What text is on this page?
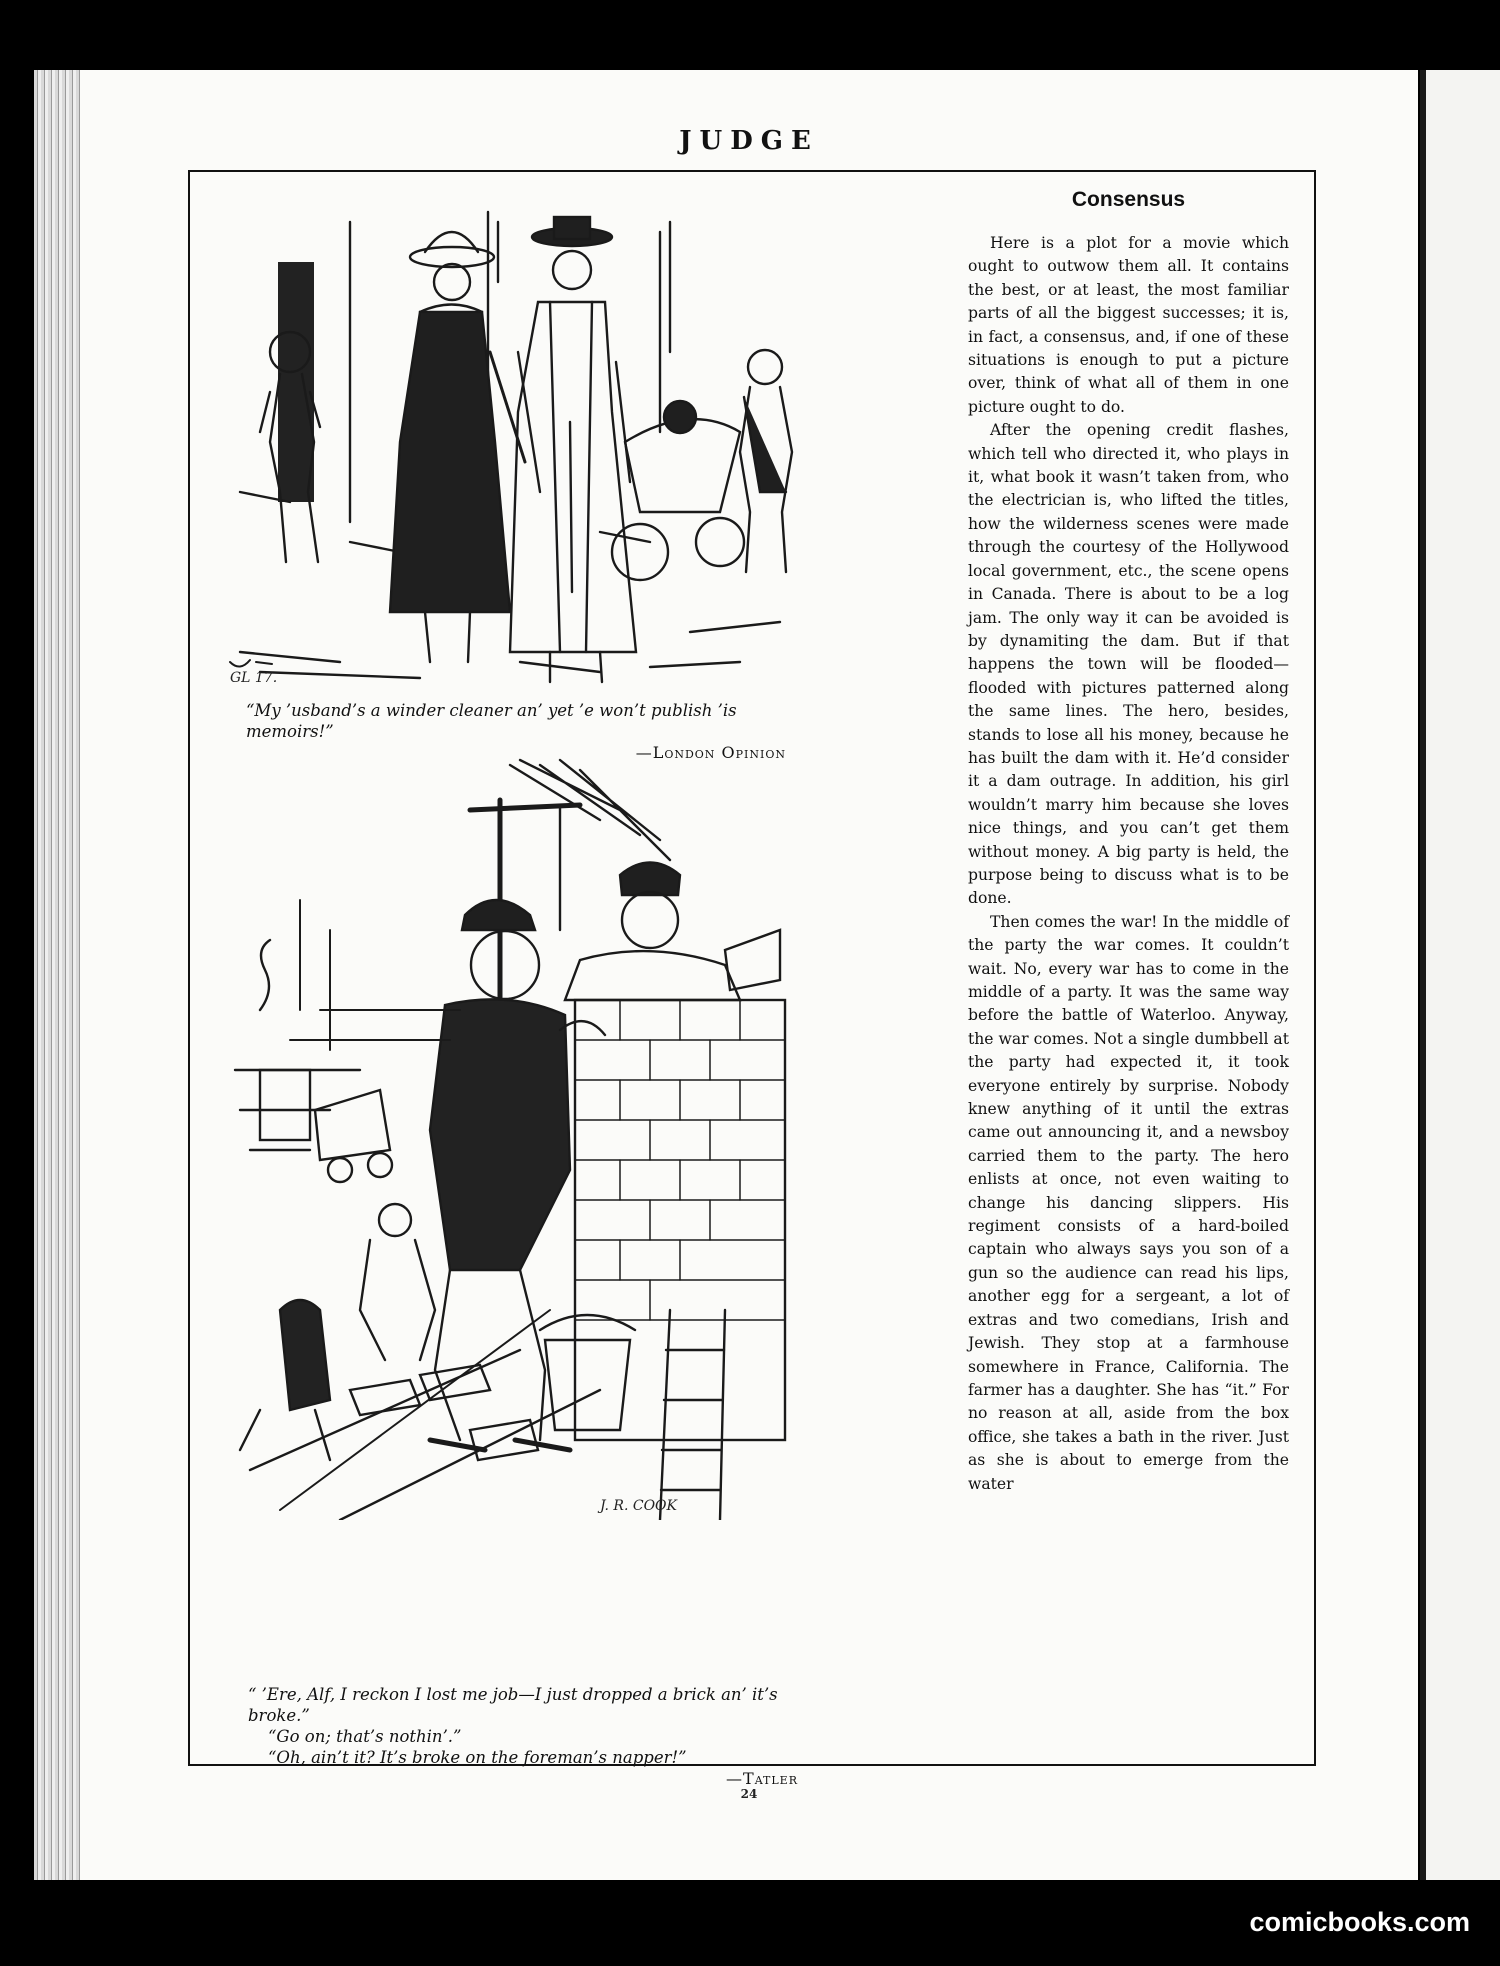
JUDGE
GL 17.

“My ’usband’s a winder cleaner an’ yet ’e won’t publish ’is memoirs!”

—London Opinion

J. R. COOK

“ ’Ere, Alf, I reckon I lost me job—I just dropped a brick an’ it’s broke.”

“Go on; that’s nothin’.”

“Oh, ain’t it? It’s broke on the foreman’s napper!”

—Tatler

Consensus

Here is a plot for a movie which ought to outwow them all. It contains the best, or at least, the most familiar parts of all the biggest successes; it is, in fact, a consensus, and, if one of these situations is enough to put a picture over, think of what all of them in one picture ought to do.

After the opening credit flashes, which tell who directed it, who plays in it, what book it wasn’t taken from, who the electrician is, who lifted the titles, how the wilderness scenes were made through the courtesy of the Hollywood local government, etc., the scene opens in Canada. There is about to be a log jam. The only way it can be avoided is by dynamiting the dam. But if that happens the town will be flooded—flooded with pictures patterned along the same lines. The hero, besides, stands to lose all his money, because he has built the dam with it. He’d consider it a dam outrage. In addition, his girl wouldn’t marry him because she loves nice things, and you can’t get them without money. A big party is held, the purpose being to discuss what is to be done.

Then comes the war! In the middle of the party the war comes. It couldn’t wait. No, every war has to come in the middle of a party. It was the same way before the battle of Waterloo. Anyway, the war comes. Not a single dumbbell at the party had expected it, it took everyone entirely by surprise. Nobody knew anything of it until the extras came out announcing it, and a newsboy carried them to the party. The hero enlists at once, not even waiting to change his dancing slippers. His regiment consists of a hard-boiled captain who always says you son of a gun so the audience can read his lips, another egg for a sergeant, a lot of extras and two comedians, Irish and Jewish. They stop at a farmhouse somewhere in France, California. The farmer has a daughter. She has “it.” For no reason at all, aside from the box office, she takes a bath in the river. Just as she is about to emerge from the water

24
comicbooks.com
